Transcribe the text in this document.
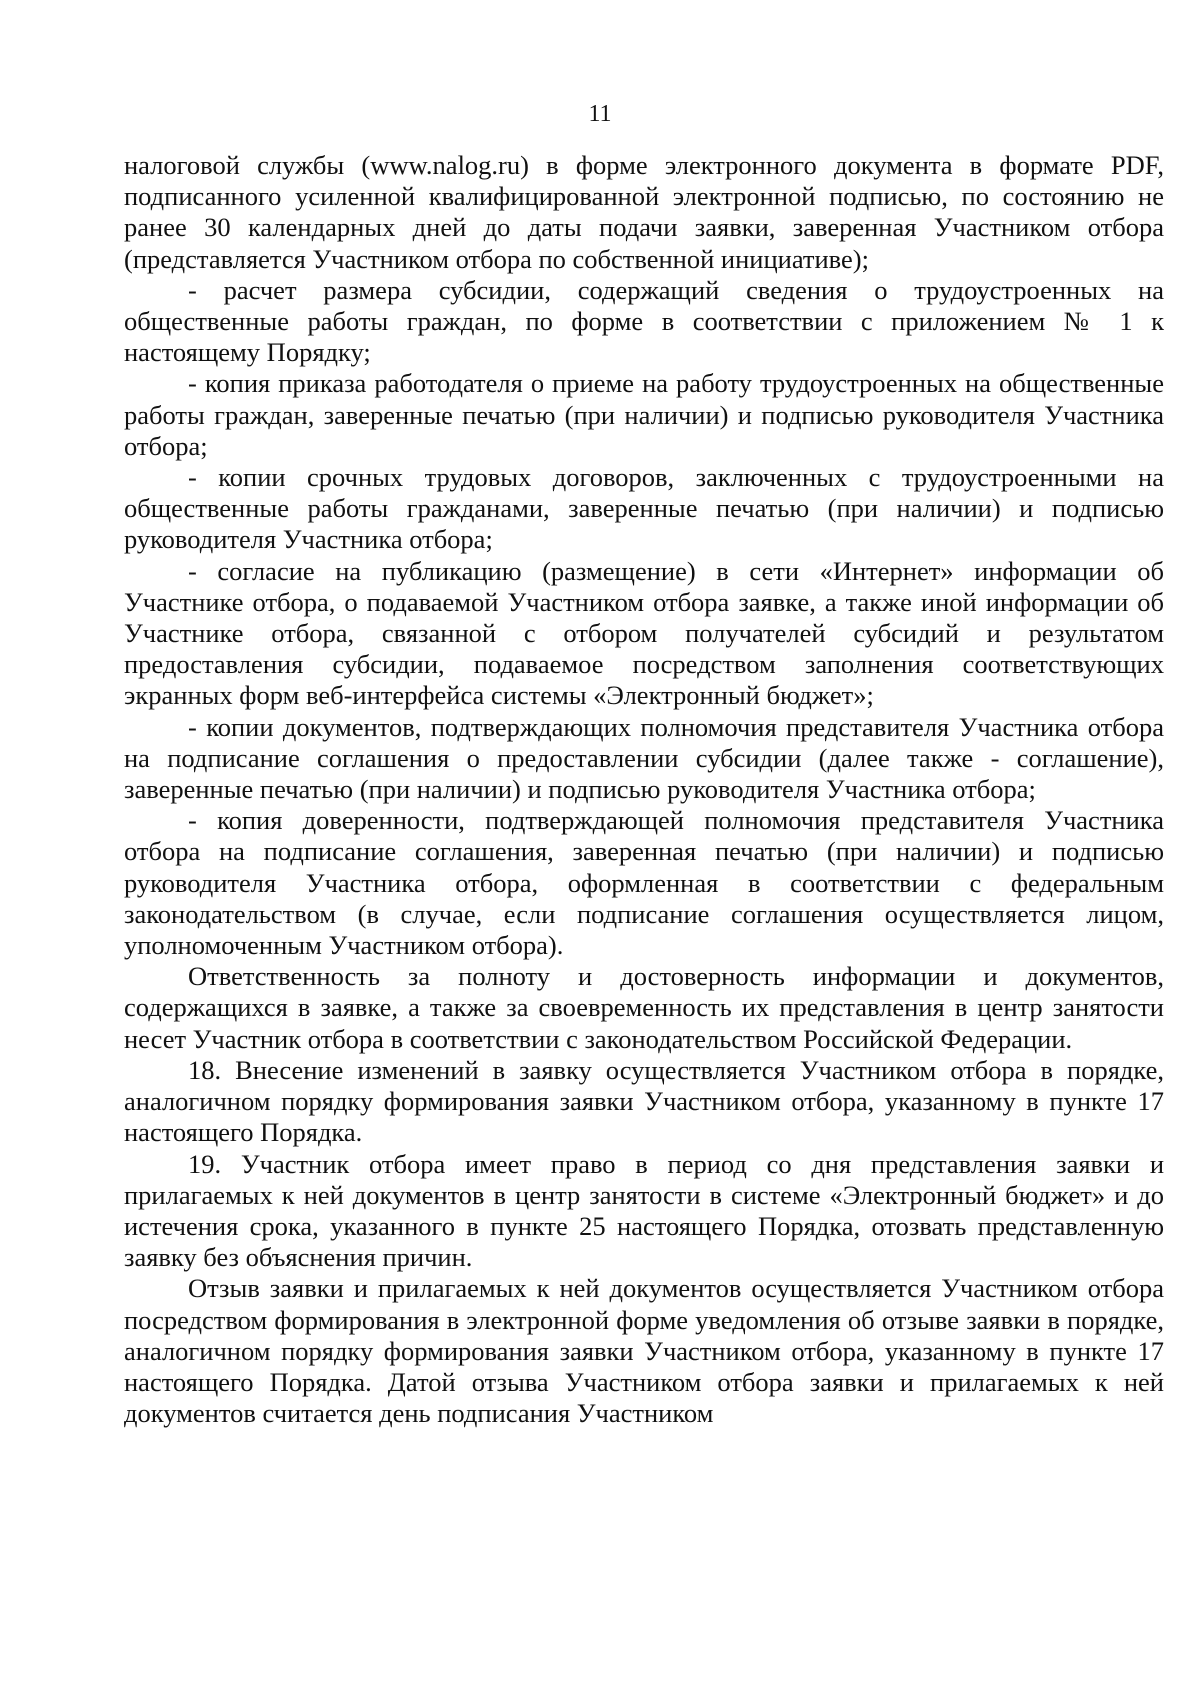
11

налоговой службы (www.nalog.ru) в форме электронного документа в формате PDF, подписанного усиленной квалифицированной электронной подписью, по состоянию не ранее 30 календарных дней до даты подачи заявки, заверенная Участником отбора (представляется Участником отбора по собственной инициативе);

- расчет размера субсидии, содержащий сведения о трудоустроенных на общественные работы граждан, по форме в соответствии с приложением № 1 к настоящему Порядку;

- копия приказа работодателя о приеме на работу трудоустроенных на общественные работы граждан, заверенные печатью (при наличии) и подписью руководителя Участника отбора;

- копии срочных трудовых договоров, заключенных с трудоустроенными на общественные работы гражданами, заверенные печатью (при наличии) и подписью руководителя Участника отбора;

- согласие на публикацию (размещение) в сети «Интернет» информации об Участнике отбора, о подаваемой Участником отбора заявке, а также иной информации об Участнике отбора, связанной с отбором получателей субсидий и результатом предоставления субсидии, подаваемое посредством заполнения соответствующих экранных форм веб-интерфейса системы «Электронный бюджет»;

- копии документов, подтверждающих полномочия представителя Участника отбора на подписание соглашения о предоставлении субсидии (далее также - соглашение), заверенные печатью (при наличии) и подписью руководителя Участника отбора;

- копия доверенности, подтверждающей полномочия представителя Участника отбора на подписание соглашения, заверенная печатью (при наличии) и подписью руководителя Участника отбора, оформленная в соответствии с федеральным законодательством (в случае, если подписание соглашения осуществляется лицом, уполномоченным Участником отбора).

Ответственность за полноту и достоверность информации и документов, содержащихся в заявке, а также за своевременность их представления в центр занятости несет Участник отбора в соответствии с законодательством Российской Федерации.

18. Внесение изменений в заявку осуществляется Участником отбора в порядке, аналогичном порядку формирования заявки Участником отбора, указанному в пункте 17 настоящего Порядка.

19. Участник отбора имеет право в период со дня представления заявки и прилагаемых к ней документов в центр занятости в системе «Электронный бюджет» и до истечения срока, указанного в пункте 25 настоящего Порядка, отозвать представленную заявку без объяснения причин.

Отзыв заявки и прилагаемых к ней документов осуществляется Участником отбора посредством формирования в электронной форме уведомления об отзыве заявки в порядке, аналогичном порядку формирования заявки Участником отбора, указанному в пункте 17 настоящего Порядка. Датой отзыва Участником отбора заявки и прилагаемых к ней документов считается день подписания Участником
